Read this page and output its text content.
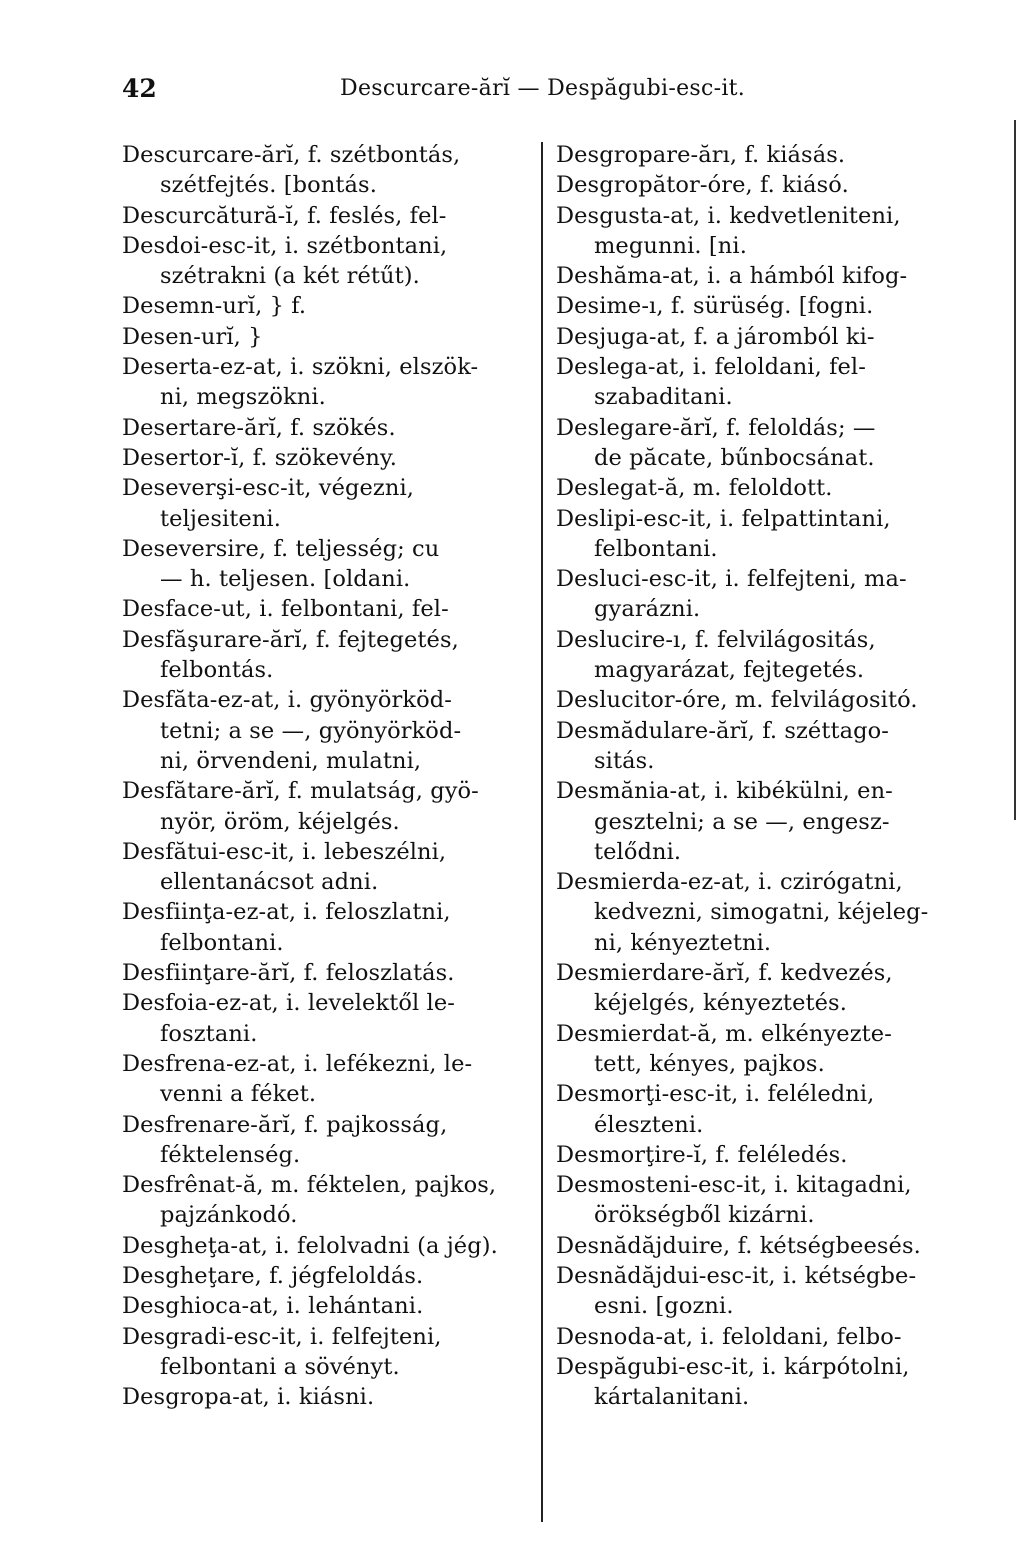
42	Descurcare-ărĭ — Despăgubi-esc-it.
Descurcare-ărĭ, f. szétbontás,
szétfejtés. [bontás.
Descurcătură-ĭ, f. feslés, fel-
Desdoi-esc-it, i. szétbontani,
szétrakni (a két rétűt).
Desemn-urĭ, } f.
Desen-urĭ, }
Deserta-ez-at, i. szökni, elszök-
ni, megszökni.
Desertare-ărĭ, f. szökés.
Desertor-ĭ, f. szökevény.
Deseverşi-esc-it, végezni,
teljesiteni.
Deseversire, f. teljesség; cu
— h. teljesen. [oldani.
Desface-ut, i. felbontani, fel-
Desfăşurare-ărĭ, f. fejtegetés,
felbontás.
Desfăta-ez-at, i. gyönyörköd-
tetni; a se —, gyönyörköd-
ni, örvendeni, mulatni,
Desfătare-ărĭ, f. mulatság, gyö-
nyör, öröm, kéjelgés.
Desfătui-esc-it, i. lebeszélni,
ellentanácsot adni.
Desfiinţa-ez-at, i. feloszlatni,
felbontani.
Desfiinţare-ărĭ, f. feloszlatás.
Desfoia-ez-at, i. levelektől le-
fosztani.
Desfrena-ez-at, i. lefékezni, le-
venni a féket.
Desfrenare-ărĭ, f. pajkosság,
féktelenség.
Desfrênat-ă, m. féktelen, pajkos,
pajzánkodó.
Desgheţa-at, i. felolvadni (a jég).
Desgheţare, f. jégfeloldás.
Desghioca-at, i. lehántani.
Desgradi-esc-it, i. felfejteni,
felbontani a sövényt.
Desgropa-at, i. kiásni.
Desgropare-ărı, f. kiásás.
Desgropător-óre, f. kiásó.
Desgusta-at, i. kedvetleniteni,
megunni. [ni.
Deshăma-at, i. a hámból kifog-
Desime-ı, f. sürüség. [fogni.
Desjuga-at, f. a járomból ki-
Deslega-at, i. feloldani, fel-
szabaditani.
Deslegare-ărĭ, f. feloldás; —
de păcate, bűnbocsánat.
Deslegat-ă, m. feloldott.
Deslipi-esc-it, i. felpattintani,
felbontani.
Desluci-esc-it, i. felfejteni, ma-
gyarázni.
Deslucire-ı, f. felvilágositás,
magyarázat, fejtegetés.
Deslucitor-óre, m. felvilágositó.
Desmădulare-ărĭ, f. széttago-
sitás.
Desmănia-at, i. kibékülni, en-
gesztelni; a se —, engesz-
telődni.
Desmierda-ez-at, i. czirógatni,
kedvezni, simogatni, kéjeleg-
ni, kényeztetni.
Desmierdare-ărĭ, f. kedvezés,
kéjelgés, kényeztetés.
Desmierdat-ă, m. elkényezte-
tett, kényes, pajkos.
Desmorţi-esc-it, i. feléledni,
éleszteni.
Desmorţire-ĭ, f. feléledés.
Desmosteni-esc-it, i. kitagadni,
örökségből kizárni.
Desnădăjduire, f. kétségbeesés.
Desnădăjdui-esc-it, i. kétségbe-
esni. [gozni.
Desnoda-at, i. feloldani, felbo-
Despăgubi-esc-it, i. kárpótolni,
kártalanitani.
